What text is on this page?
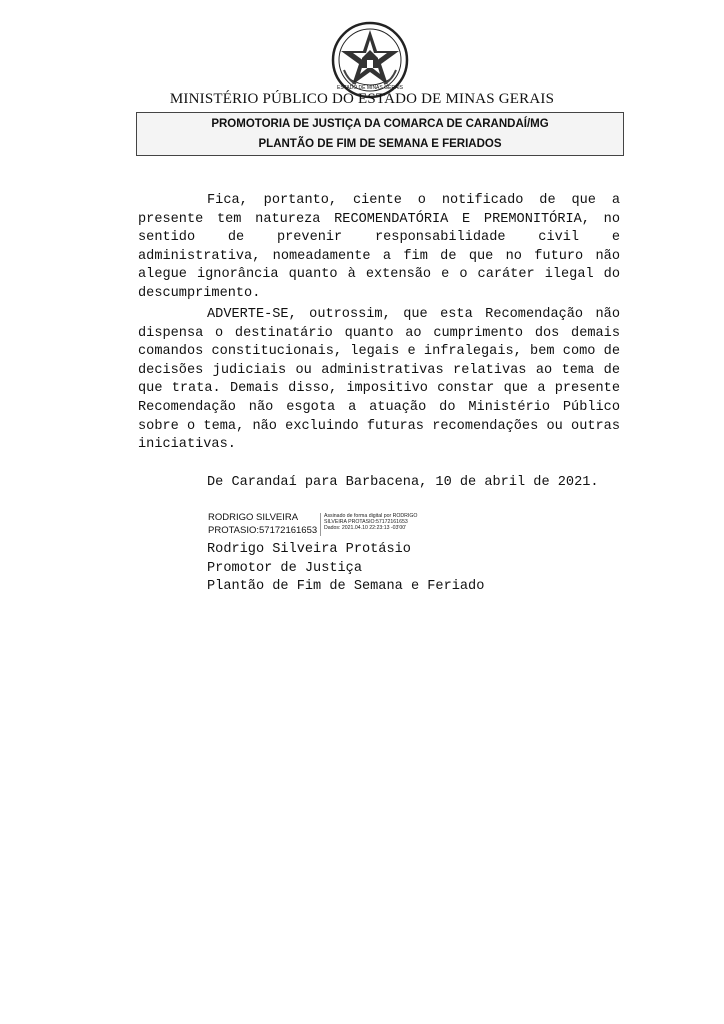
ESTADO DE MINAS GERAIS
MINISTÉRIO PÚBLICO DO ESTADO DE MINAS GERAIS
PROMOTORIA DE JUSTIÇA DA COMARCA DE CARANDAÍ/MG
PLANTÃO DE FIM DE SEMANA E FERIADOS

Fica, portanto, ciente o notificado de que a presente tem natureza RECOMENDATÓRIA E PREMONITÓRIA, no sentido de prevenir responsabilidade civil e administrativa, nomeadamente a fim de que no futuro não alegue ignorância quanto à extensão e o caráter ilegal do descumprimento.

ADVERTE-SE, outrossim, que esta Recomendação não dispensa o destinatário quanto ao cumprimento dos demais comandos constitucionais, legais e infralegais, bem como de decisões judiciais ou administrativas relativas ao tema de que trata. Demais disso, impositivo constar que a presente Recomendação não esgota a atuação do Ministério Público sobre o tema, não excluindo futuras recomendações ou outras iniciativas.

De Carandaí para Barbacena, 10 de abril de 2021.

RODRIGO SILVEIRA
PROTASIO:57172161653
Assinado de forma digital por RODRIGO
SILVEIRA PROTASIO:57172161653
Dados: 2021.04.10 22:23:13 -03'00'
Rodrigo Silveira Protásio
Promotor de Justiça
Plantão de Fim de Semana e Feriado
